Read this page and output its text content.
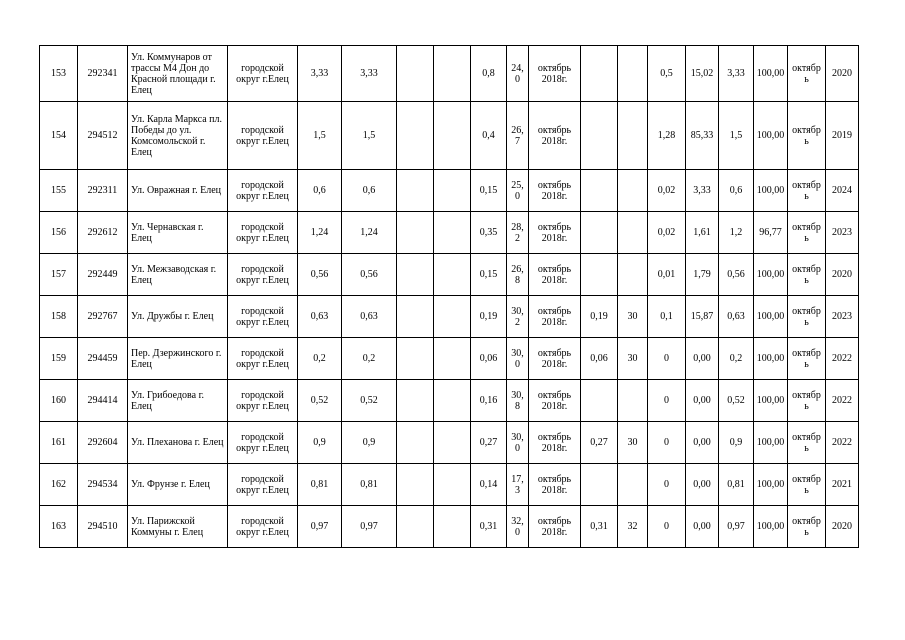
153	292341	Ул. Коммунаров от трассы М4 Дон до Красной площади г. Елец	городской округ г.Елец	3,33	3,33			0,8	24,0	октябрь 2018г.			0,5	15,02	3,33	100,00	октябрь	2020
154	294512	Ул. Карла Маркса пл. Победы до ул. Комсомольской г. Елец	городской округ г.Елец	1,5	1,5			0,4	26,7	октябрь 2018г.			1,28	85,33	1,5	100,00	октябрь	2019
155	292311	Ул. Овражная г. Елец	городской округ г.Елец	0,6	0,6			0,15	25,0	октябрь 2018г.			0,02	3,33	0,6	100,00	октябрь	2024
156	292612	Ул. Чернавская г. Елец	городской округ г.Елец	1,24	1,24			0,35	28,2	октябрь 2018г.			0,02	1,61	1,2	96,77	октябрь	2023
157	292449	Ул. Межзаводская г. Елец	городской округ г.Елец	0,56	0,56			0,15	26,8	октябрь 2018г.			0,01	1,79	0,56	100,00	октябрь	2020
158	292767	Ул. Дружбы г. Елец	городской округ г.Елец	0,63	0,63			0,19	30,2	октябрь 2018г.	0,19	30	0,1	15,87	0,63	100,00	октябрь	2023
159	294459	Пер. Дзержинского г. Елец	городской округ г.Елец	0,2	0,2			0,06	30,0	октябрь 2018г.	0,06	30	0	0,00	0,2	100,00	октябрь	2022
160	294414	Ул. Грибоедова г. Елец	городской округ г.Елец	0,52	0,52			0,16	30,8	октябрь 2018г.			0	0,00	0,52	100,00	октябрь	2022
161	292604	Ул. Плеханова г. Елец	городской округ г.Елец	0,9	0,9			0,27	30,0	октябрь 2018г.	0,27	30	0	0,00	0,9	100,00	октябрь	2022
162	294534	Ул. Фрунзе г. Елец	городской округ г.Елец	0,81	0,81			0,14	17,3	октябрь 2018г.			0	0,00	0,81	100,00	октябрь	2021
163	294510	Ул. Парижской Коммуны г. Елец	городской округ г.Елец	0,97	0,97			0,31	32,0	октябрь 2018г.	0,31	32	0	0,00	0,97	100,00	октябрь	2020
